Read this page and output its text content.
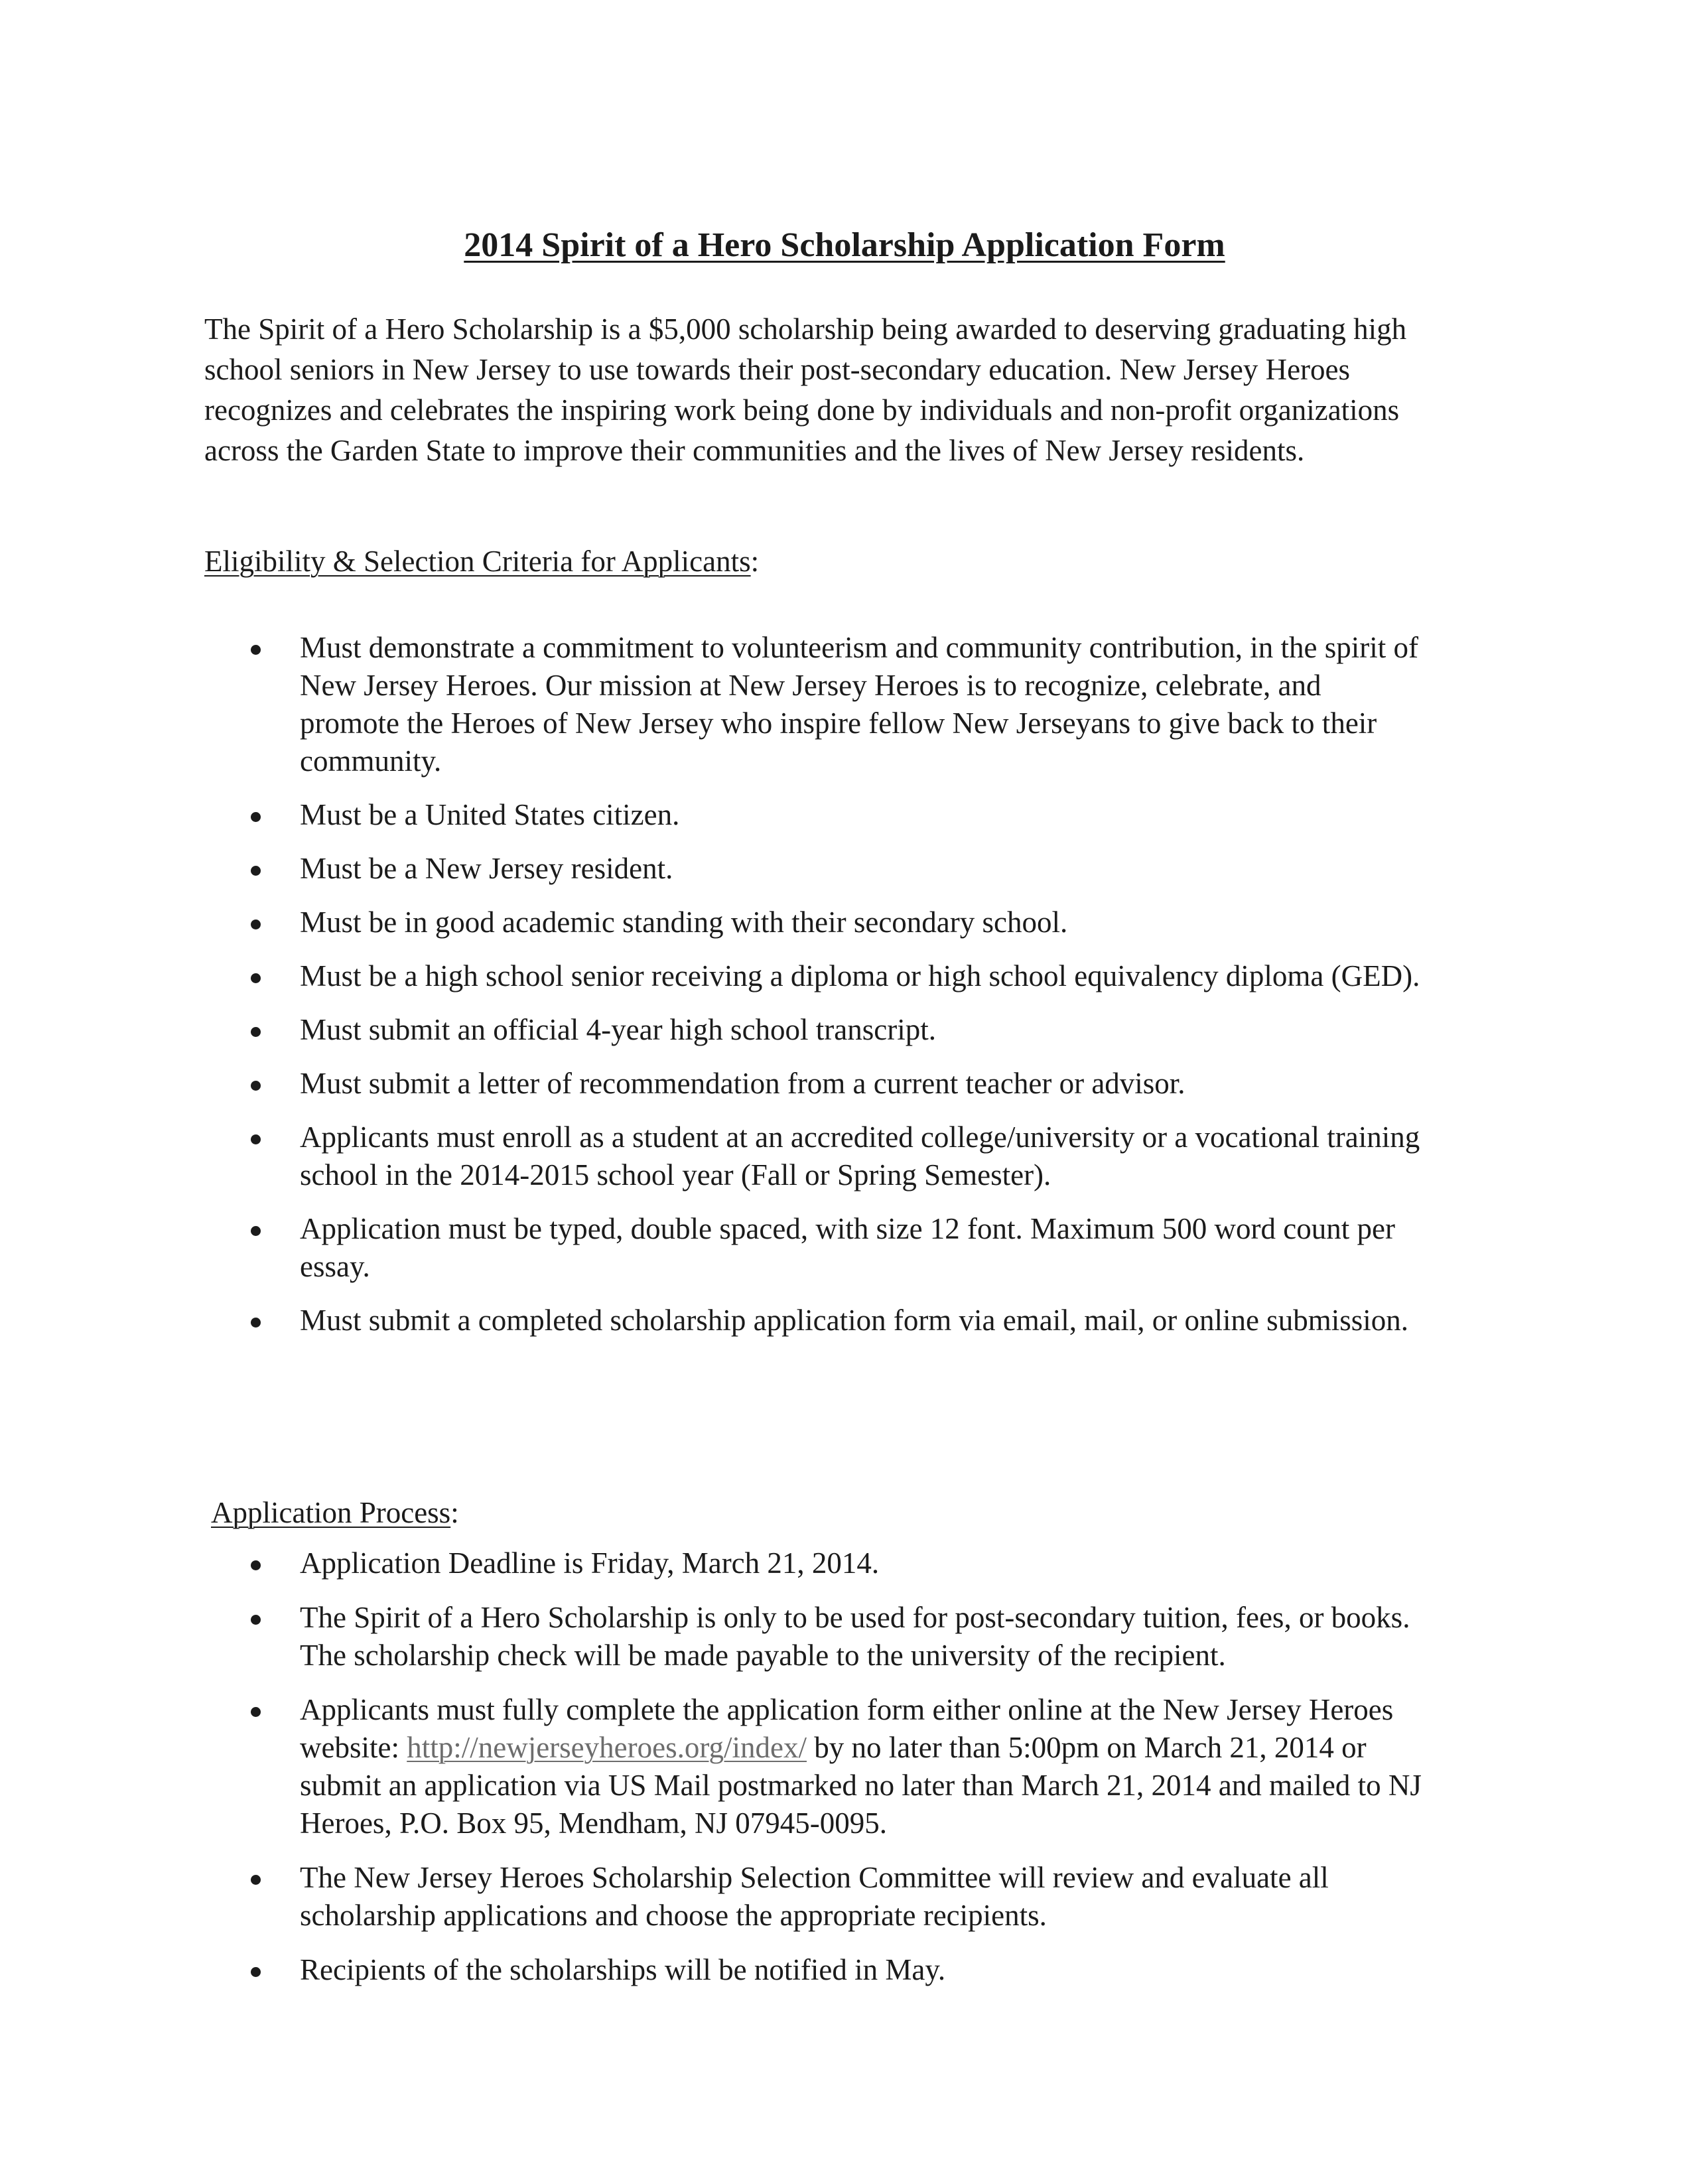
2014 Spirit of a Hero Scholarship Application Form

The Spirit of a Hero Scholarship is a $5,000 scholarship being awarded to deserving graduating high school seniors in New Jersey to use towards their post-secondary education. New Jersey Heroes recognizes and celebrates the inspiring work being done by individuals and non-profit organizations across the Garden State to improve their communities and the lives of New Jersey residents.

Eligibility & Selection Criteria for Applicants:

Must demonstrate a commitment to volunteerism and community contribution, in the spirit of New Jersey Heroes. Our mission at New Jersey Heroes is to recognize, celebrate, and promote the Heroes of New Jersey who inspire fellow New Jerseyans to give back to their community.
Must be a United States citizen.
Must be a New Jersey resident.
Must be in good academic standing with their secondary school.
Must be a high school senior receiving a diploma or high school equivalency diploma (GED).
Must submit an official 4-year high school transcript.
Must submit a letter of recommendation from a current teacher or advisor.
Applicants must enroll as a student at an accredited college/university or a vocational training school in the 2014-2015 school year (Fall or Spring Semester).
Application must be typed, double spaced, with size 12 font. Maximum 500 word count per essay.
Must submit a completed scholarship application form via email, mail, or online submission.

Application Process:

Application Deadline is Friday, March 21, 2014.
The Spirit of a Hero Scholarship is only to be used for post-secondary tuition, fees, or books. The scholarship check will be made payable to the university of the recipient.
Applicants must fully complete the application form either online at the New Jersey Heroes website: http://newjerseyheroes.org/index/ by no later than 5:00pm on March 21, 2014 or submit an application via US Mail postmarked no later than March 21, 2014 and mailed to NJ Heroes, P.O. Box 95, Mendham, NJ 07945-0095.
The New Jersey Heroes Scholarship Selection Committee will review and evaluate all scholarship applications and choose the appropriate recipients.
Recipients of the scholarships will be notified in May.
